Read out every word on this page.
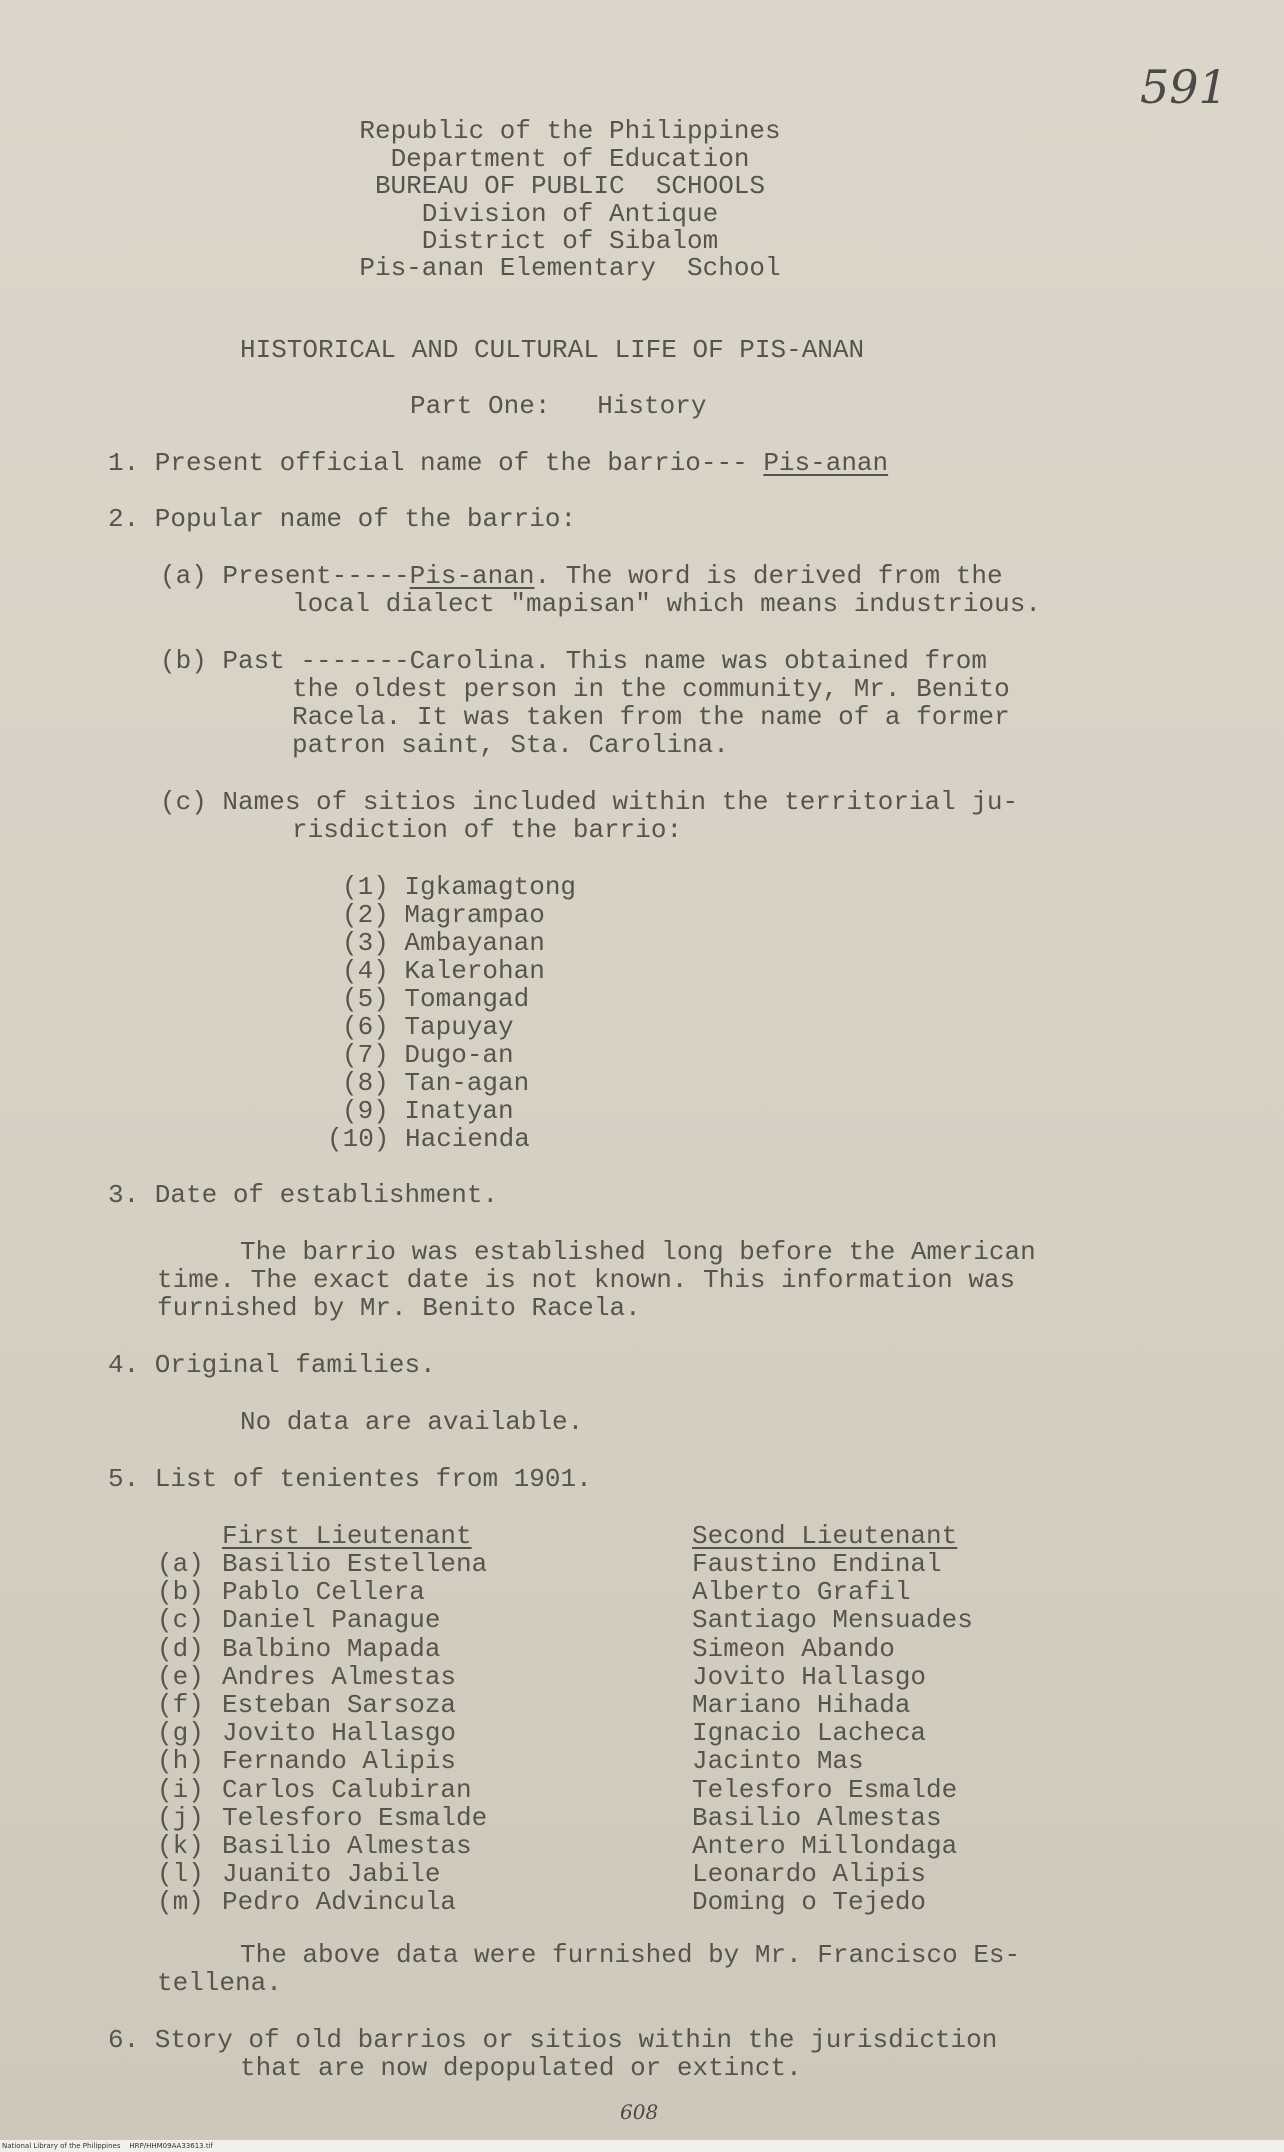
591
Republic of the Philippines
Department of Education
BUREAU OF PUBLIC  SCHOOLS
Division of Antique
District of Sibalom
Pis-anan Elementary  School
HISTORICAL AND CULTURAL LIFE OF PIS-ANAN
Part One:   History
1. Present official name of the barrio--- Pis-anan
2. Popular name of the barrio:
(a) Present-----Pis-anan. The word is derived from the
local dialect "mapisan" which means industrious.
(b) Past -------Carolina. This name was obtained from
the oldest person in the community, Mr. Benito
Racela. It was taken from the name of a former
patron saint, Sta. Carolina.
(c) Names of sitios included within the territorial ju-
risdiction of the barrio:
(1) Igkamagtong
(2) Magrampao
(3) Ambayanan
(4) Kalerohan
(5) Tomangad
(6) Tapuyay
(7) Dugo-an
(8) Tan-agan
(9) Inatyan
(10) Hacienda
3. Date of establishment.
The barrio was established long before the American
time. The exact date is not known. This information was
furnished by Mr. Benito Racela.
4. Original families.
No data are available.
5. List of tenientes from 1901.
First Lieutenant	Second Lieutenant
(a) Basilio Estellena	Faustino Endinal
(b) Pablo Cellera	Alberto Grafil
(c) Daniel Panague	Santiago Mensuades
(d) Balbino Mapada	Simeon Abando
(e) Andres Almestas	Jovito Hallasgo
(f) Esteban Sarsoza	Mariano Hihada
(g) Jovito Hallasgo	Ignacio Lacheca
(h) Fernando Alipis	Jacinto Mas
(i) Carlos Calubiran	Telesforo Esmalde
(j) Telesforo Esmalde	Basilio Almestas
(k) Basilio Almestas	Antero Millondaga
(l) Juanito Jabile	Leonardo Alipis
(m) Pedro Advincula	Doming o Tejedo
The above data were furnished by Mr. Francisco Es-
tellena.
6. Story of old barrios or sitios within the jurisdiction
that are now depopulated or extinct.
608
National Library of the Philippines    HRP/HHM09AA33613.tif
